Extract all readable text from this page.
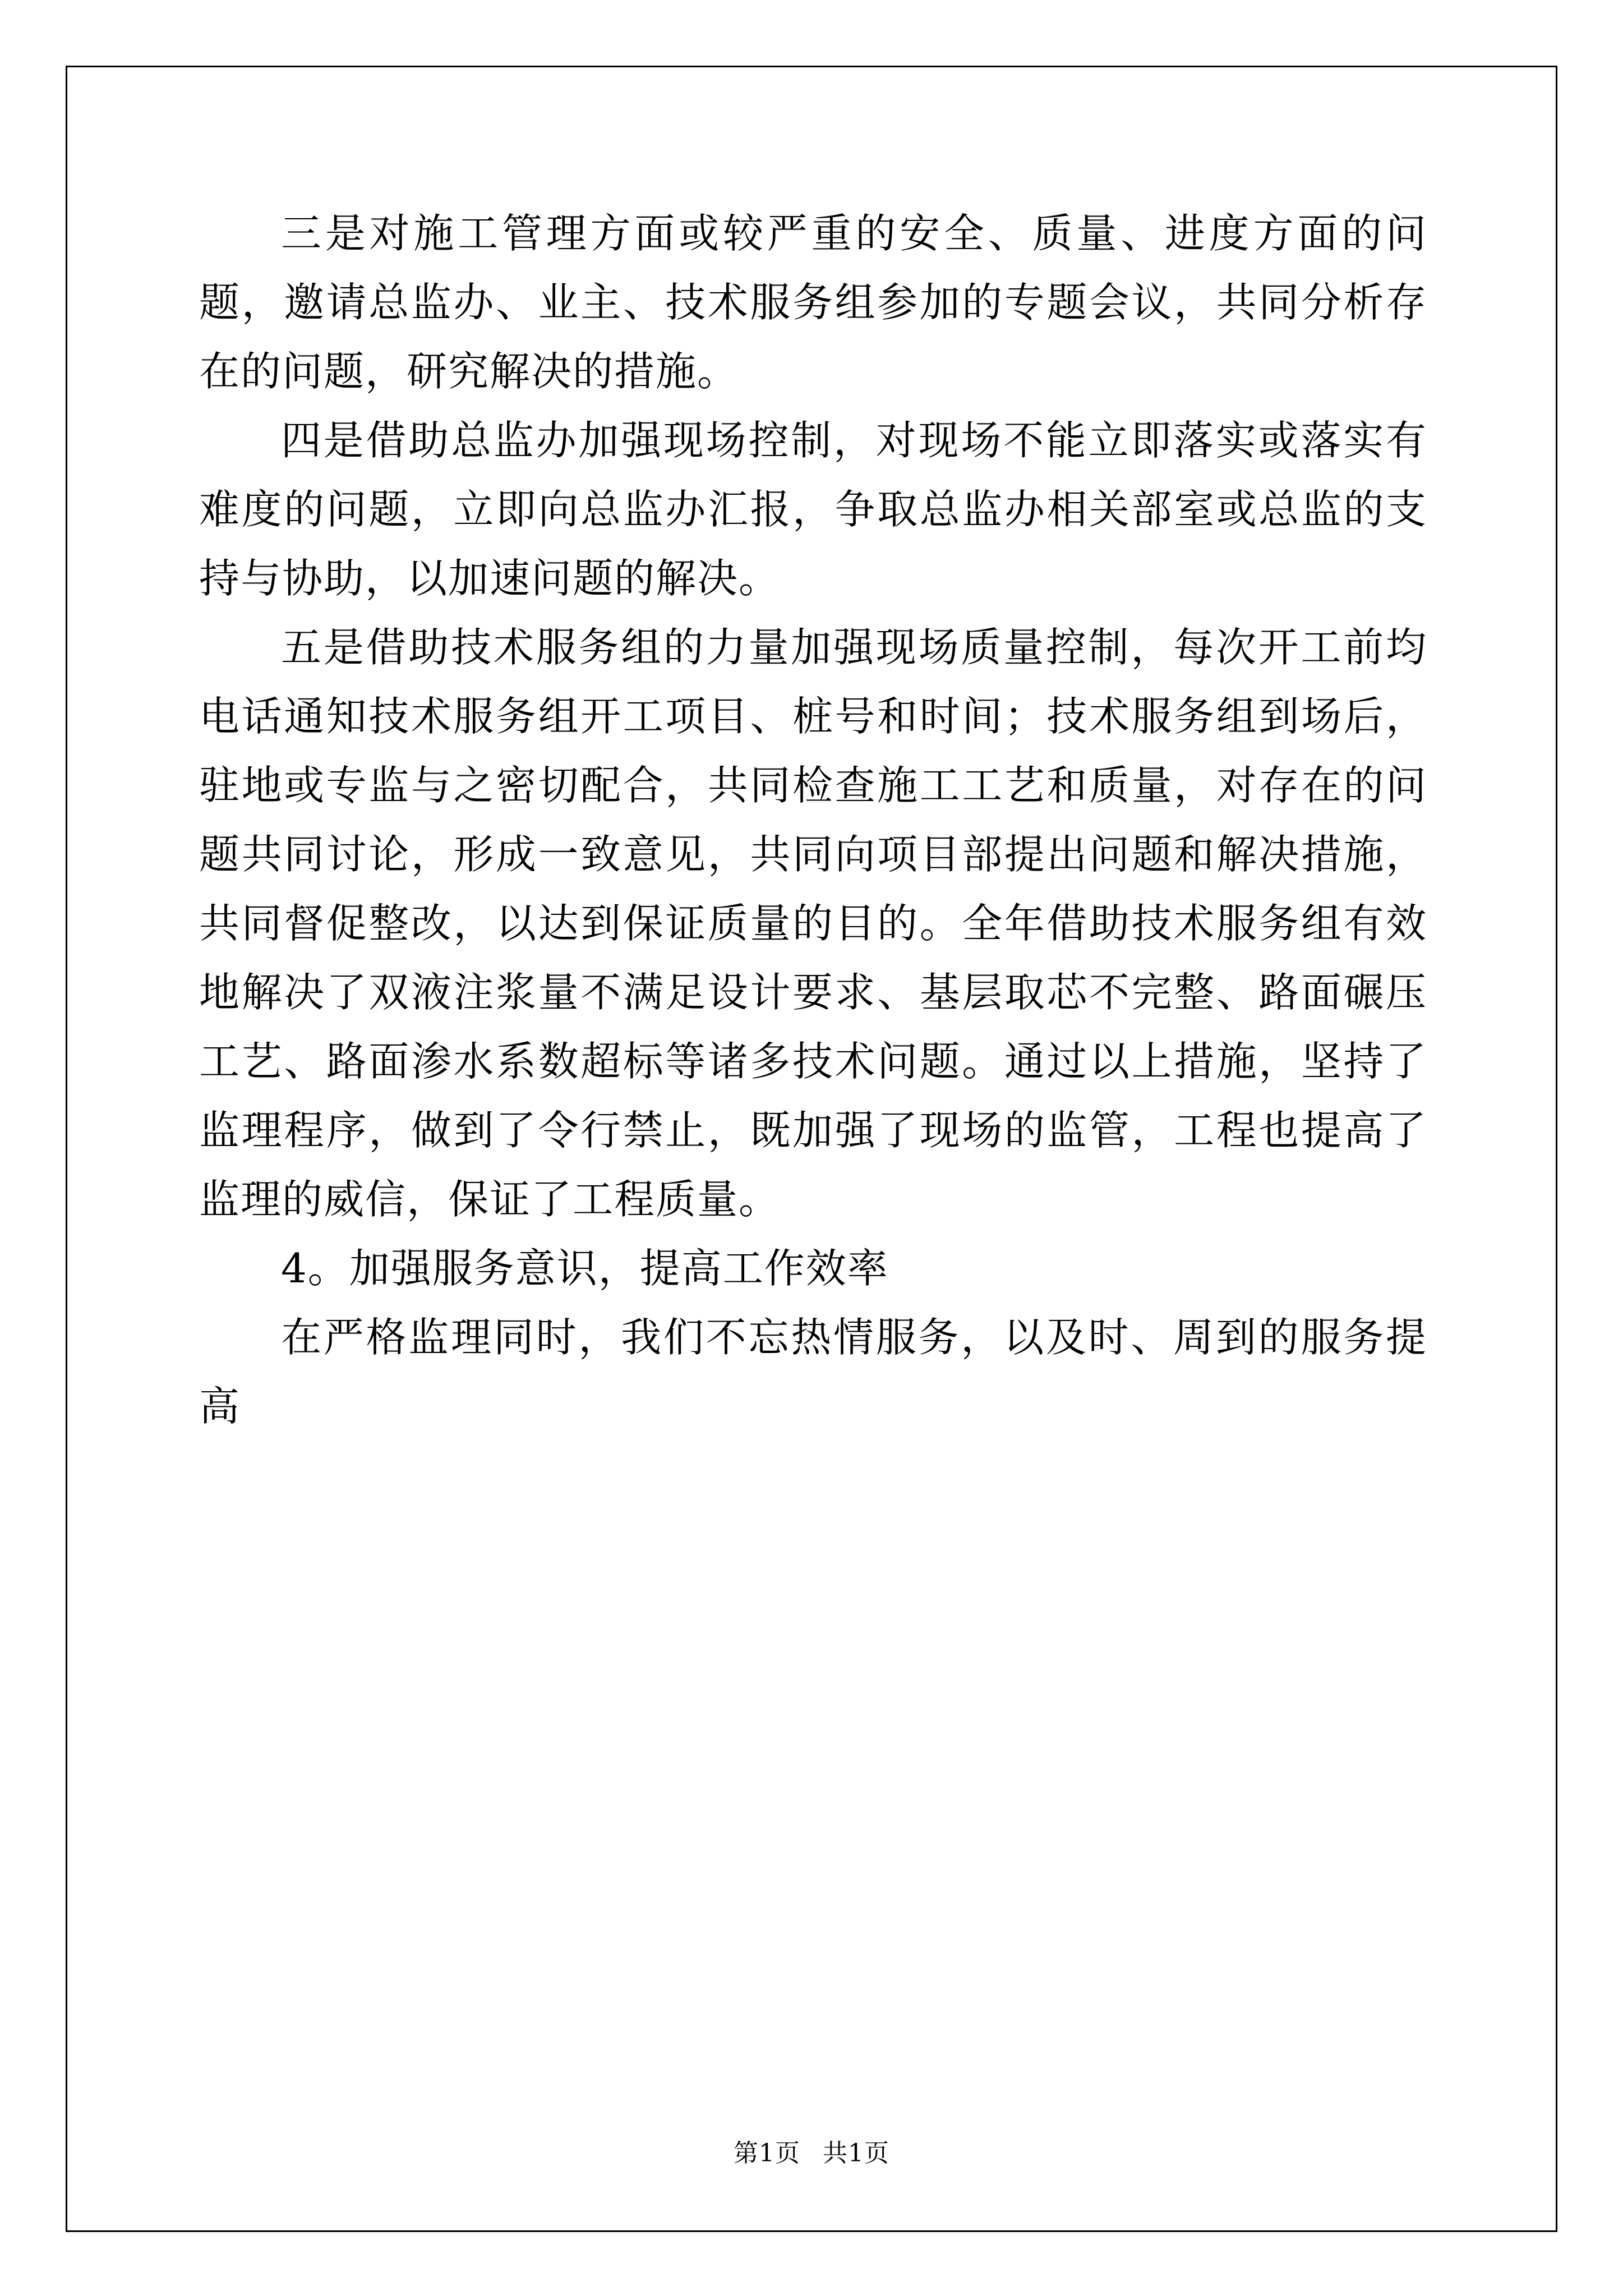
三是对施工管理方面或较严重的安全、质量、进度方面的问题，邀请总监办、业主、技术服务组参加的专题会议，共同分析存在的问题，研究解决的措施。

四是借助总监办加强现场控制，对现场不能立即落实或落实有难度的问题，立即向总监办汇报，争取总监办相关部室或总监的支持与协助，以加速问题的解决。

五是借助技术服务组的力量加强现场质量控制，每次开工前均电话通知技术服务组开工项目、桩号和时间；技术服务组到场后，驻地或专监与之密切配合，共同检查施工工艺和质量，对存在的问题共同讨论，形成一致意见，共同向项目部提出问题和解决措施，共同督促整改，以达到保证质量的目的。全年借助技术服务组有效地解决了双液注浆量不满足设计要求、基层取芯不完整、路面碾压工艺、路面渗水系数超标等诸多技术问题。通过以上措施，坚持了监理程序，做到了令行禁止，既加强了现场的监管，工程也提高了监理的威信，保证了工程质量。

4。加强服务意识，提高工作效率

在严格监理同时，我们不忘热情服务，以及时、周到的服务提高

第1页 共1页
